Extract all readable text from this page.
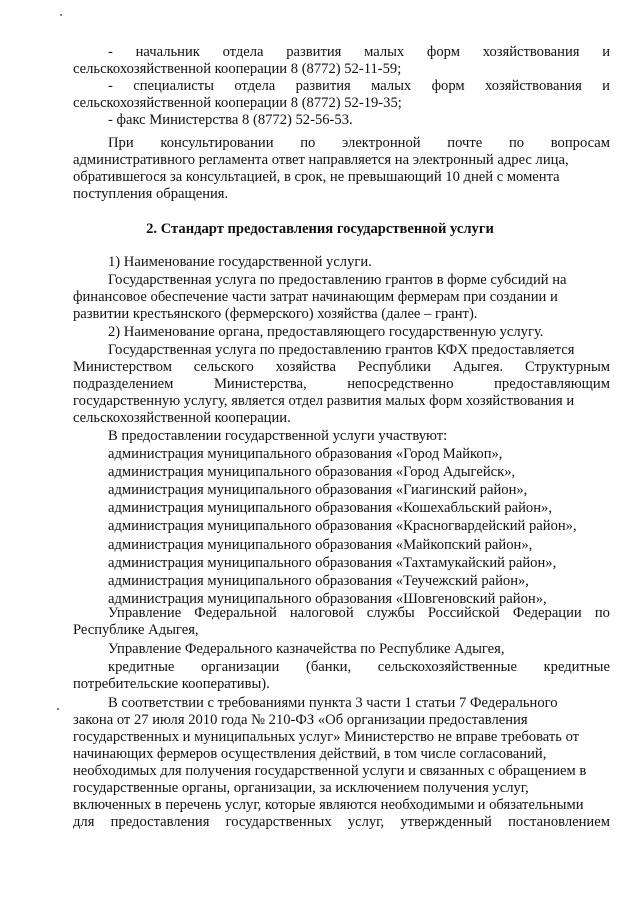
- начальник отдела развития малых форм хозяйствования и
сельскохозяйственной кооперации 8 (8772) 52-11-59;
- специалисты отдела развития малых форм хозяйствования и
сельскохозяйственной кооперации 8 (8772) 52-19-35;
- факс Министерства 8 (8772) 52-56-53.
При консультировании по электронной почте по вопросам
административного регламента ответ направляется на электронный адрес лица,
обратившегося за консультацией, в срок, не превышающий 10 дней с момента
поступления обращения.
2. Стандарт предоставления государственной услуги
1) Наименование государственной услуги.
Государственная услуга по предоставлению грантов в форме субсидий на
финансовое обеспечение части затрат начинающим фермерам при создании и
развитии крестьянского (фермерского) хозяйства (далее – грант).
2) Наименование органа, предоставляющего государственную услугу.
Государственная услуга по предоставлению грантов КФХ предоставляется
Министерством сельского хозяйства Республики Адыгея. Структурным
подразделением	Министерства,	непосредственно	предоставляющим
государственную услугу, является отдел развития малых форм хозяйствования и
сельскохозяйственной кооперации.
В предоставлении государственной услуги участвуют:
администрация муниципального образования «Город Майкоп»,
администрация муниципального образования «Город Адыгейск»,
администрация муниципального образования «Гиагинский район»,
администрация муниципального образования «Кошехабльский район»,
администрация муниципального образования «Красногвардейский район»,
администрация муниципального образования «Майкопский район»,
администрация муниципального образования «Тахтамукайский район»,
администрация муниципального образования «Теучежский район»,
администрация муниципального образования «Шовгеновский район»,
Управление Федеральной налоговой службы Российской Федерации по
Республике Адыгея,
Управление Федерального казначейства по Республике Адыгея,
кредитные организации (банки, сельскохозяйственные кредитные
потребительские кооперативы).
В соответствии с требованиями пункта 3 части 1 статьи 7 Федерального
закона от 27 июля 2010 года № 210-ФЗ «Об организации предоставления
государственных и муниципальных услуг» Министерство не вправе требовать от
начинающих фермеров осуществления действий, в том числе согласований,
необходимых для получения государственной услуги и связанных с обращением в
государственные органы, организации, за исключением получения услуг,
включенных в перечень услуг, которые являются необходимыми и обязательными
для предоставления государственных услуг, утвержденный постановлением
